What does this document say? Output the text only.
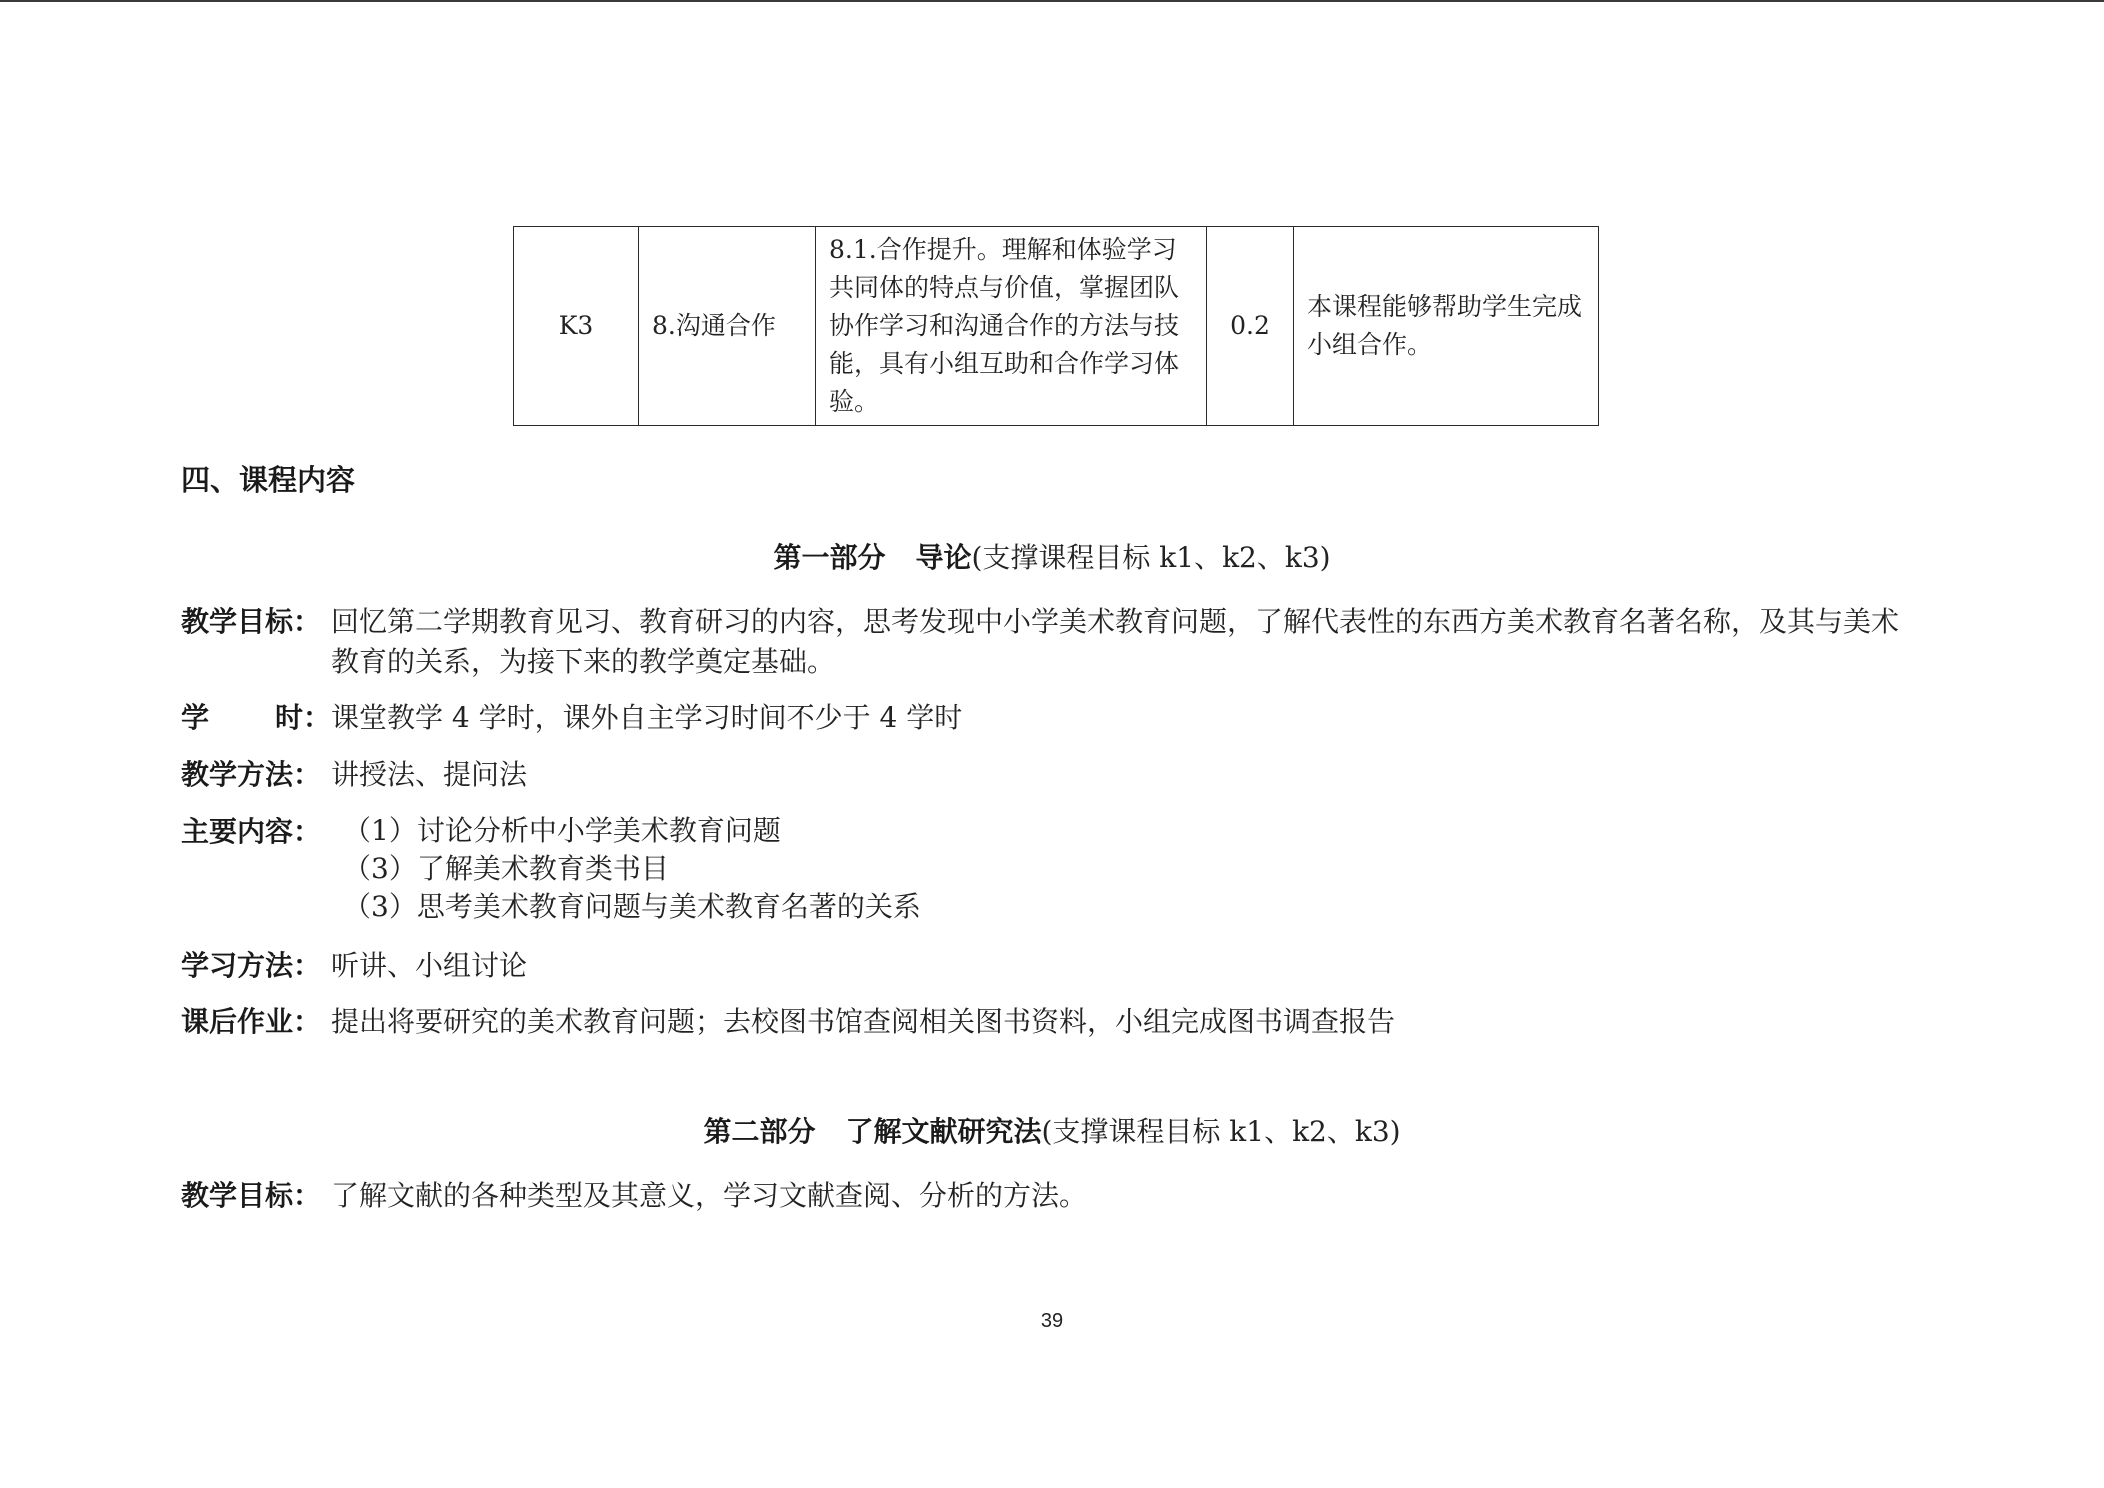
K3	8.沟通合作	8.1.合作提升。理解和体验学习共同体的特点与价值，掌握团队协作学习和沟通合作的方法与技能，具有小组互助和合作学习体验。	0.2	本课程能够帮助学生完成小组合作。
四、课程内容
第一部分 导论(支撑课程目标 k1、k2、k3)
教学目标： 回忆第二学期教育见习、教育研习的内容，思考发现中小学美术教育问题，了解代表性的东西方美术教育名著名称，及其与美术教育的关系，为接下来的教学奠定基础。
学 时： 课堂教学 4 学时，课外自主学习时间不少于 4 学时
教学方法： 讲授法、提问法
主要内容： （1）讨论分析中小学美术教育问题
（3）了解美术教育类书目
（3）思考美术教育问题与美术教育名著的关系
学习方法： 听讲、小组讨论
课后作业： 提出将要研究的美术教育问题；去校图书馆查阅相关图书资料，小组完成图书调查报告
第二部分 了解文献研究法(支撑课程目标 k1、k2、k3)
教学目标： 了解文献的各种类型及其意义，学习文献查阅、分析的方法。
39
